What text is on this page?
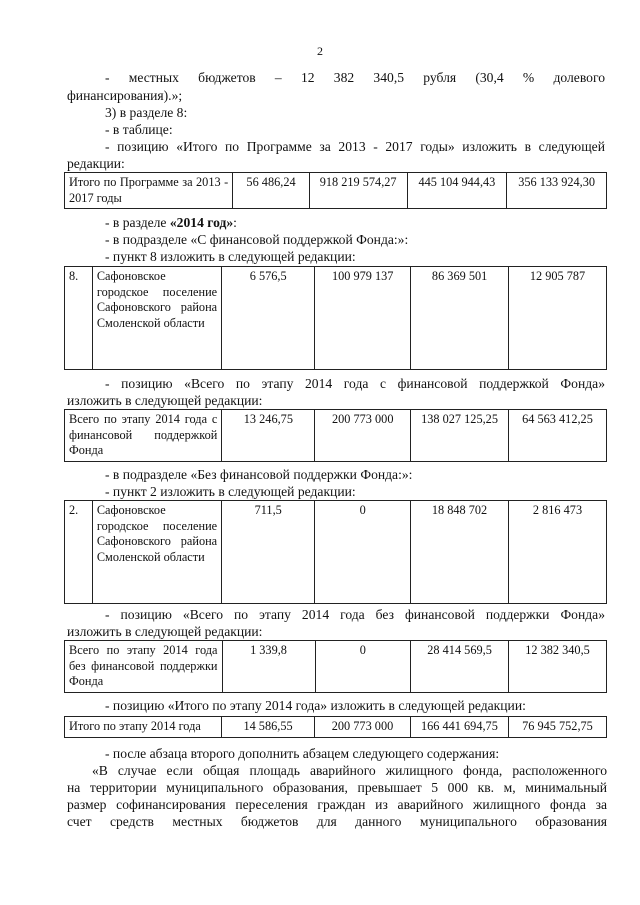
2
- местных бюджетов – 12 382 340,5 рубля (30,4 % долевого
финансирования).»;
3) в разделе 8:
- в таблице:
- позицию «Итого по Программе за 2013 - 2017 годы» изложить в следующей
редакции:
Итого по Программе за 2013 - 2017 годы	56 486,24	918 219 574,27	445 104 944,43	356 133 924,30
- в разделе «2014 год»:
- в подразделе «С финансовой поддержкой Фонда:»:
- пункт 8 изложить в следующей редакции:
8.	Сафоновское городское поселение Сафоновского района Смоленской области	6 576,5	100 979 137	86 369 501	12 905 787
- позицию «Всего по этапу 2014 года с финансовой поддержкой Фонда»
изложить в следующей редакции:
Всего по этапу 2014 года с финансовой поддержкой Фонда	13 246,75	200 773 000	138 027 125,25	64 563 412,25
- в подразделе «Без финансовой поддержки Фонда:»:
- пункт 2 изложить в следующей редакции:
2.	Сафоновское городское поселение Сафоновского района Смоленской области	711,5	0	18 848 702	2 816 473
- позицию «Всего по этапу 2014 года без финансовой поддержки Фонда»
изложить в следующей редакции:
Всего по этапу 2014 года без финансовой поддержки Фонда	1 339,8	0	28 414 569,5	12 382 340,5
- позицию «Итого по этапу 2014 года» изложить в следующей редакции:
Итого по этапу 2014 года	14 586,55	200 773 000	166 441 694,75	76 945 752,75
- после абзаца второго дополнить абзацем следующего содержания:
«В случае если общая площадь аварийного жилищного фонда, расположенного
на территории муниципального образования, превышает 5 000 кв. м, минимальный
размер софинансирования переселения граждан из аварийного жилищного фонда за
счет средств местных бюджетов для данного муниципального образования
